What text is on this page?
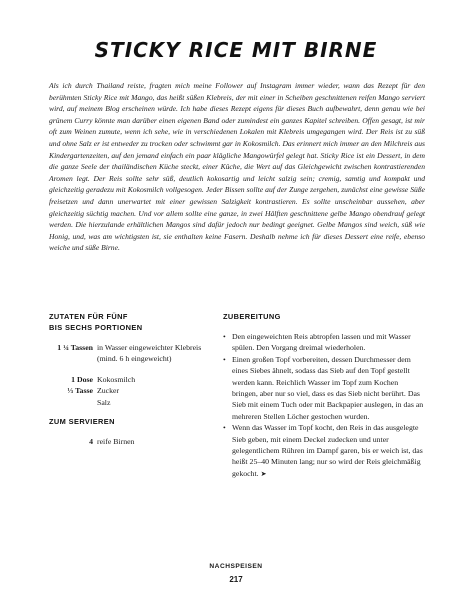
STICKY RICE MIT BIRNE

Als ich durch Thailand reiste, fragten mich meine Follower auf Instagram immer wieder, wann das Rezept für den berühmten Sticky Rice mit Mango, das heißt süßen Klebreis, der mit einer in Scheiben geschnittenen reifen Mango serviert wird, auf meinem Blog erscheinen würde. Ich habe dieses Rezept eigens für dieses Buch aufbewahrt, denn genau wie bei grünem Curry könnte man darüber einen eigenen Band oder zumindest ein ganzes Kapitel schreiben. Offen gesagt, ist mir oft zum Weinen zumute, wenn ich sehe, wie in verschiedenen Lokalen mit Klebreis umgegangen wird. Der Reis ist zu süß und ohne Salz er ist entweder zu trocken oder schwimmt gar in Kokosmilch. Das erinnert mich immer an den Milchreis aus Kindergartenzeiten, auf den jemand einfach ein paar klägliche Mangowürfel gelegt hat. Sticky Rice ist ein Dessert, in dem die ganze Seele der thailändischen Küche steckt, einer Küche, die Wert auf das Gleichgewicht zwischen kontrastierenden Aromen legt. Der Reis sollte sehr süß, deutlich kokosartig und leicht salzig sein; cremig, samtig und kompakt und gleichzeitig geradezu mit Kokosmilch vollgesogen. Jeder Bissen sollte auf der Zunge zergehen, zunächst eine gewisse Süße freisetzen und dann unerwartet mit einer gewissen Salzigkeit kontrastieren. Es sollte unscheinbar aussehen, aber gleichzeitig süchtig machen. Und vor allem sollte eine ganze, in zwei Hälften geschnittene gelbe Mango obendrauf gelegt werden. Die hierzulande erhältlichen Mangos sind dafür jedoch nur bedingt geeignet. Gelbe Mangos sind weich, süß wie Honig, und, was am wichtigsten ist, sie enthalten keine Fasern. Deshalb nehme ich für dieses Dessert eine reife, ebenso weiche und süße Birne.

ZUTATEN FÜR FÜNF
BIS SECHS PORTIONEN
1 ¼ Tassen in Wasser eingeweichter Klebreis (mind. 6 h eingeweicht)
1 Dose Kokosmilch
⅓ Tasse Zucker
Salz
ZUM SERVIEREN
4 reife Birnen
ZUBEREITUNG
• Den eingeweichten Reis abtropfen lassen und mit Wasser spülen. Den Vorgang dreimal wiederholen.
• Einen großen Topf vorbereiten, dessen Durchmesser dem eines Siebes ähnelt, sodass das Sieb auf den Topf gestellt werden kann. Reichlich Wasser im Topf zum Kochen bringen, aber nur so viel, dass es das Sieb nicht berührt. Das Sieb mit einem Tuch oder mit Backpapier auslegen, in das an mehreren Stellen Löcher gestochen wurden.
• Wenn das Wasser im Topf kocht, den Reis in das ausgelegte Sieb geben, mit einem Deckel zudecken und unter gelegentlichem Rühren im Dampf garen, bis er weich ist, das heißt 25–40 Minuten lang; nur so wird der Reis gleichmäßig gekocht. ➤
NACHSPEISEN
217
